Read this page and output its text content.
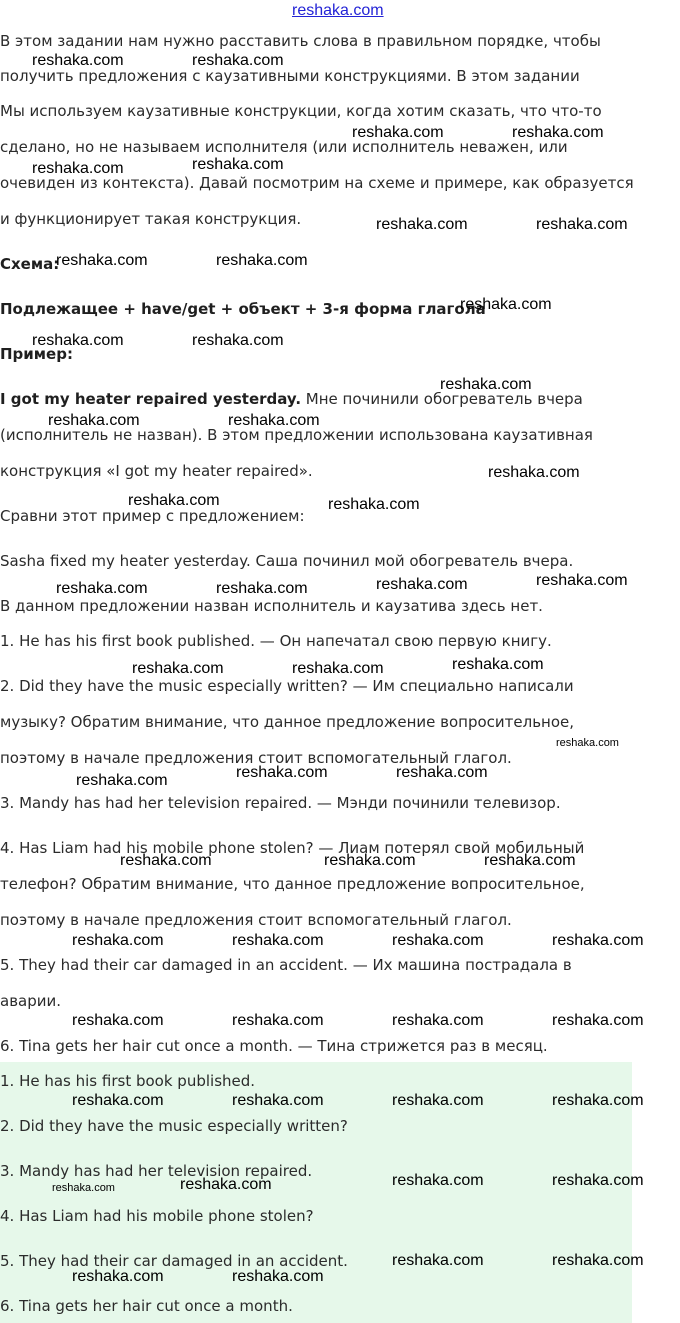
reshaka.com
В этом задании нам нужно расставить слова в правильном порядке, чтобы
получить предложения с каузативными конструкциями. В этом задании
Мы используем каузативные конструкции, когда хотим сказать, что что-то
сделано, но не называем исполнителя (или исполнитель неважен, или
очевиден из контекста). Давай посмотрим на схеме и примере, как образуется
и функционирует такая конструкция.
Схема:
Подлежащее + have/get + объект + 3-я форма глагола
Пример:
I got my heater repaired yesterday. Мне починили обогреватель вчера
(исполнитель не назван). В этом предложении использована каузативная
конструкция «I got my heater repaired».
Сравни этот пример с предложением:
Sasha fixed my heater yesterday. Саша починил мой обогреватель вчера.
В данном предложении назван исполнитель и каузатива здесь нет.
1. He has his first book published. — Он напечатал свою первую книгу.
2. Did they have the music especially written? — Им специально написали
музыку? Обратим внимание, что данное предложение вопросительное,
поэтому в начале предложения стоит вспомогательный глагол.
3. Mandy has had her television repaired. — Мэнди починили телевизор.
4. Has Liam had his mobile phone stolen? — Лиам потерял свой мобильный
телефон? Обратим внимание, что данное предложение вопросительное,
поэтому в начале предложения стоит вспомогательный глагол.
5. They had their car damaged in an accident. — Их машина пострадала в
аварии.
6. Tina gets her hair cut once a month. — Тина стрижется раз в месяц.
1. He has his first book published.
2. Did they have the music especially written?
3. Mandy has had her television repaired.
4. Has Liam had his mobile phone stolen?
5. They had their car damaged in an accident.
6. Tina gets her hair cut once a month.
reshaka.com	reshaka.com
reshaka.com	reshaka.com
reshaka.com	reshaka.com
reshaka.com	reshaka.com
reshaka.com	reshaka.com
reshaka.com
reshaka.com	reshaka.com
reshaka.com
reshaka.com	reshaka.com
reshaka.com
reshaka.com	reshaka.com
reshaka.com	reshaka.com	reshaka.com	reshaka.com
reshaka.com	reshaka.com	reshaka.com
reshaka.com
reshaka.com	reshaka.com	reshaka.com
reshaka.com	reshaka.com	reshaka.com
reshaka.com	reshaka.com	reshaka.com	reshaka.com
reshaka.com	reshaka.com	reshaka.com	reshaka.com
reshaka.com	reshaka.com	reshaka.com	reshaka.com
reshaka.com	reshaka.com	reshaka.com	reshaka.com
reshaka.com	reshaka.com
reshaka.com	reshaka.com
